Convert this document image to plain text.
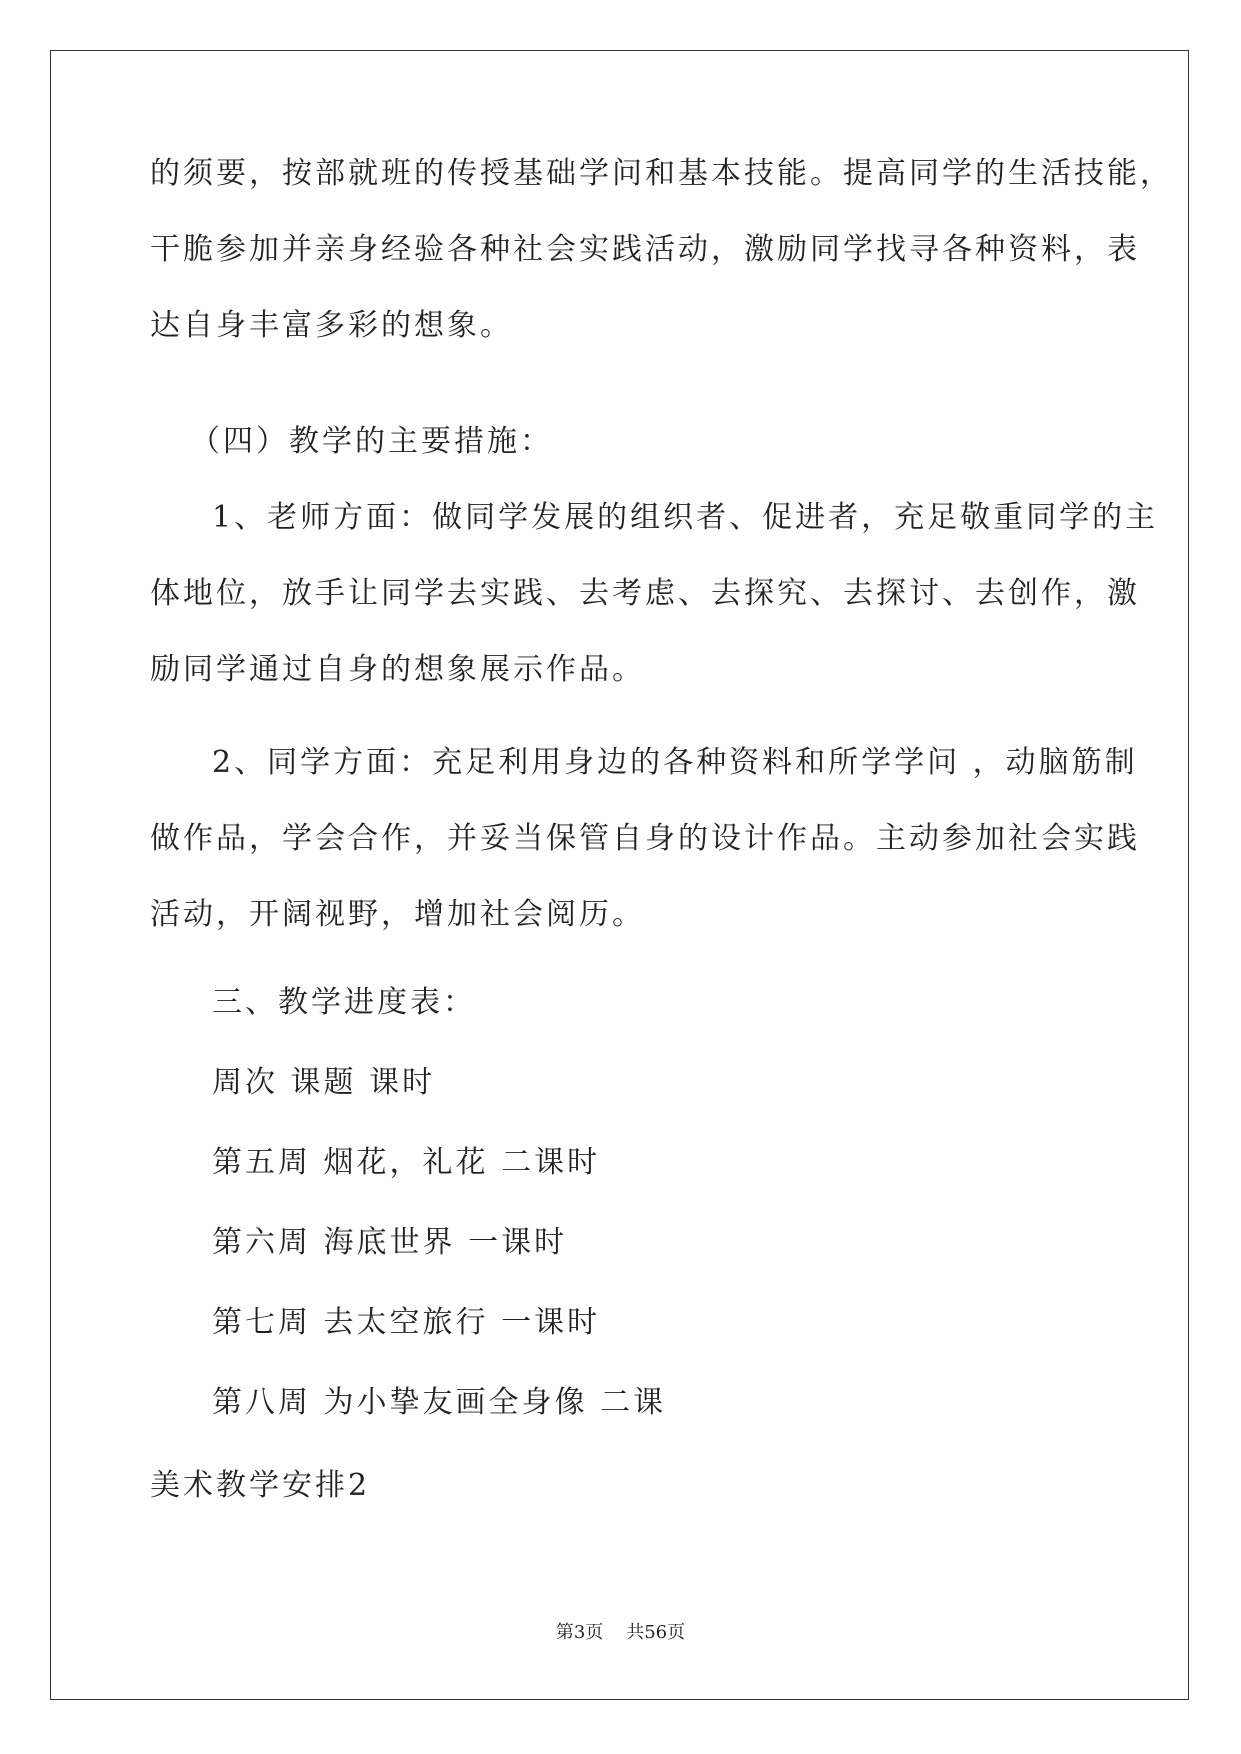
的须要，按部就班的传授基础学问和基本技能。提高同学的生活技能，
干脆参加并亲身经验各种社会实践活动，激励同学找寻各种资料，表
达自身丰富多彩的想象。
（四）教学的主要措施：
1、老师方面：做同学发展的组织者、促进者，充足敬重同学的主
体地位，放手让同学去实践、去考虑、去探究、去探讨、去创作，激
励同学通过自身的想象展示作品。
2、同学方面：充足利用身边的各种资料和所学学问 ，动脑筋制
做作品，学会合作，并妥当保管自身的设计作品。主动参加社会实践
活动，开阔视野，增加社会阅历。
三、教学进度表：
周次 课题 课时
第五周 烟花，礼花 二课时
第六周 海底世界 一课时
第七周 去太空旅行 一课时
第八周 为小挚友画全身像 二课
美术教学安排2
第3页 共56页
